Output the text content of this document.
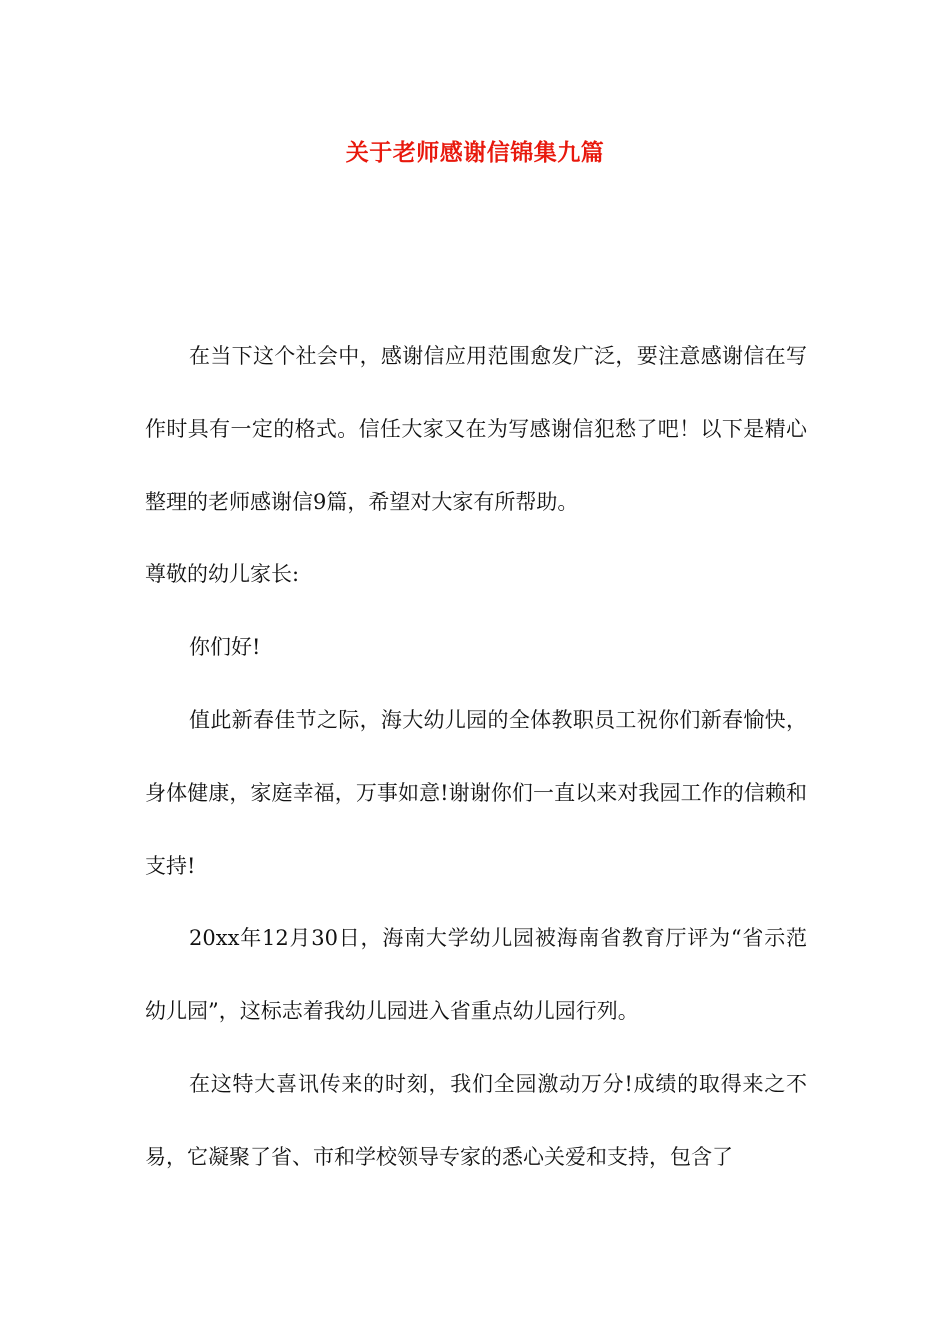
关于老师感谢信锦集九篇

在当下这个社会中，感谢信应用范围愈发广泛，要注意感谢信在写作时具有一定的格式。信任大家又在为写感谢信犯愁了吧！以下是精心整理的老师感谢信9篇，希望对大家有所帮助。

尊敬的幼儿家长:

你们好!

值此新春佳节之际，海大幼儿园的全体教职员工祝你们新春愉快，身体健康，家庭幸福，万事如意!谢谢你们一直以来对我园工作的信赖和支持!

20xx年12月30日，海南大学幼儿园被海南省教育厅评为“省示范幼儿园”，这标志着我幼儿园进入省重点幼儿园行列。

在这特大喜讯传来的时刻，我们全园激动万分!成绩的取得来之不易，它凝聚了省、市和学校领导专家的悉心关爱和支持，包含了
